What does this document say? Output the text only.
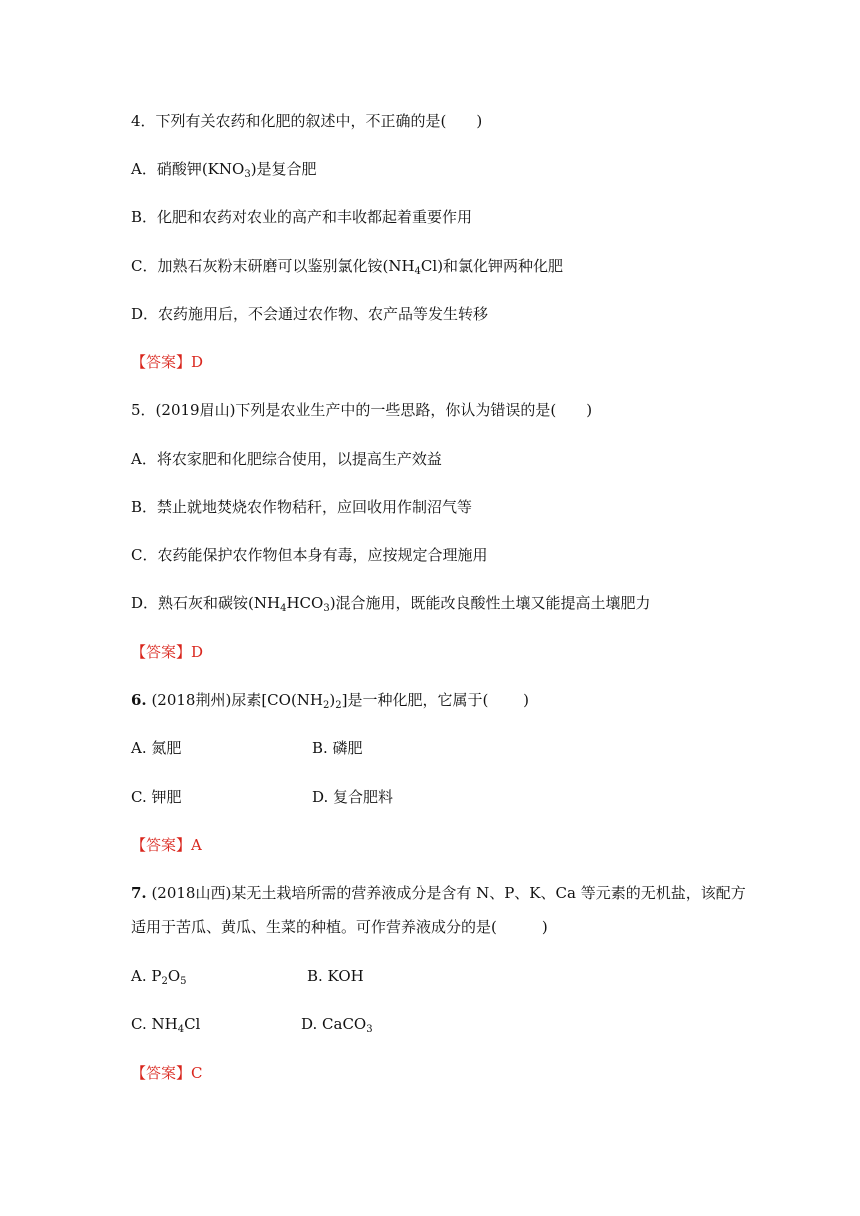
4．下列有关农药和化肥的叙述中，不正确的是(　　)
A．硝酸钾$(KNO_3)$是复合肥
B．化肥和农药对农业的高产和丰收都起着重要作用
C．加熟石灰粉末研磨可以鉴别氯化铵$(NH_4Cl)$和氯化钾两种化肥
D．农药施用后，不会通过农作物、农产品等发生转移
【答案】D
5．(2019眉山)下列是农业生产中的一些思路，你认为错误的是(　　)
A．将农家肥和化肥综合使用，以提高生产效益
B．禁止就地焚烧农作物秸秆，应回收用作制沼气等
C．农药能保护农作物但本身有毒，应按规定合理施用
D．熟石灰和碳铵$(NH_4HCO_3)$混合施用，既能改良酸性土壤又能提高土壤肥力
【答案】D
6. (2018荆州)尿素$[CO(NH_2)_2]$是一种化肥，它属于(　　 )
A. 氮肥	B. 磷肥
C. 钾肥	D. 复合肥料
【答案】A
7. (2018山西)某无土栽培所需的营养液成分是含有 N、P、K、Ca 等元素的无机盐，该配方
适用于苦瓜、黄瓜、生菜的种植。可作营养液成分的是(　　　)
A. $P_2O_5$	B. KOH
C. $NH_4Cl$	D. CaCO$_3$
【答案】C
